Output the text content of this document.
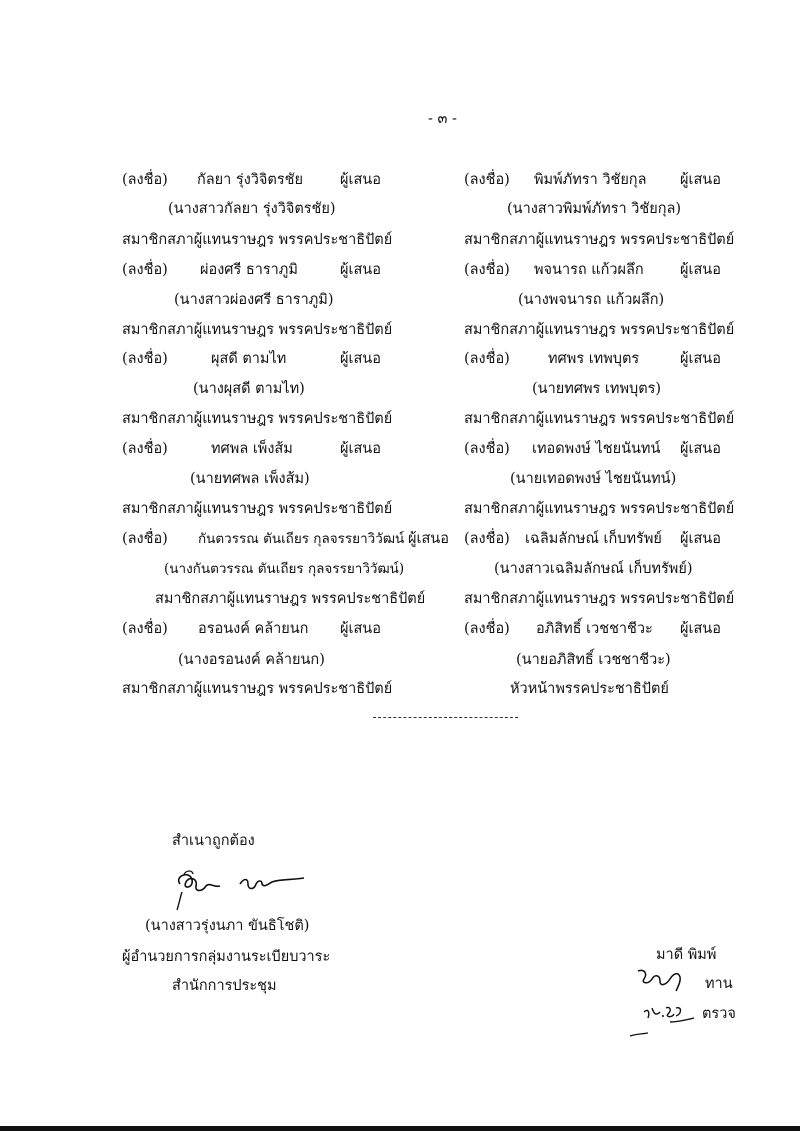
- ๓ -
(ลงชื่อ) กัลยา รุ่งวิจิตรชัย	ผู้เสนอ
(นางสาวกัลยา รุ่งวิจิตรชัย)
สมาชิกสภาผู้แทนราษฎร พรรคประชาธิปัตย์
(ลงชื่อ) ผ่องศรี ธาราภูมิ	ผู้เสนอ
(นางสาวผ่องศรี ธาราภูมิ)
สมาชิกสภาผู้แทนราษฎร พรรคประชาธิปัตย์
(ลงชื่อ)	ผุสดี ตามไท	ผู้เสนอ
(นางผุสดี ตามไท)
สมาชิกสภาผู้แทนราษฎร พรรคประชาธิปัตย์
(ลงชื่อ)	ทศพล เพ็งส้ม	ผู้เสนอ
(นายทศพล เพ็งส้ม)
สมาชิกสภาผู้แทนราษฎร พรรคประชาธิปัตย์
(ลงชื่อ) กันตวรรณ ตันเถียร กุลจรรยาวิวัฒน์ ผู้เสนอ
(นางกันตวรรณ ตันเถียร กุลจรรยาวิวัฒน์)
สมาชิกสภาผู้แทนราษฎร พรรคประชาธิปัตย์
(ลงชื่อ) อรอนงค์ คล้ายนก ผู้เสนอ
(นางอรอนงค์ คล้ายนก)
สมาชิกสภาผู้แทนราษฎร พรรคประชาธิปัตย์
(ลงชื่อ) พิมพ์ภัทรา วิชัยกุล ผู้เสนอ
(นางสาวพิมพ์ภัทรา วิชัยกุล)
สมาชิกสภาผู้แทนราษฎร พรรคประชาธิปัตย์
(ลงชื่อ) พจนารถ แก้วผลึก	ผู้เสนอ
(นางพจนารถ แก้วผลึก)
สมาชิกสภาผู้แทนราษฎร พรรคประชาธิปัตย์
(ลงชื่อ)	ทศพร เทพบุตร	ผู้เสนอ
(นายทศพร เทพบุตร)
สมาชิกสภาผู้แทนราษฎร พรรคประชาธิปัตย์
(ลงชื่อ) เทอดพงษ์ ไชยนันทน์ ผู้เสนอ
(นายเทอดพงษ์ ไชยนันทน์)
สมาชิกสภาผู้แทนราษฎร พรรคประชาธิปัตย์
(ลงชื่อ) เฉลิมลักษณ์ เก็บทรัพย์ ผู้เสนอ
(นางสาวเฉลิมลักษณ์ เก็บทรัพย์)
สมาชิกสภาผู้แทนราษฎร พรรคประชาธิปัตย์
(ลงชื่อ) อภิสิทธิ์ เวชชาชีวะ ผู้เสนอ
(นายอภิสิทธิ์ เวชชาชีวะ)
หัวหน้าพรรคประชาธิปัตย์
สำเนาถูกต้อง
(นางสาวรุ่งนภา ขันธิโชติ)
ผู้อำนวยการกลุ่มงานระเบียบวาระ
สำนักการประชุม
มาดี พิมพ์
ทาน
ตรวจ
